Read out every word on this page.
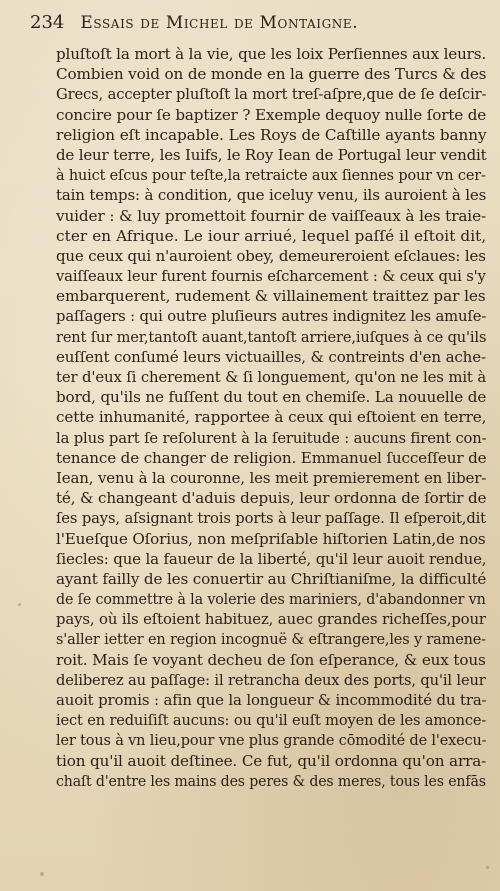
234 Essais de Michel de Montaigne.
pluſtoſt la mort à la vie, que les loix Perſiennes aux leurs.
Combien void on de monde en la guerre des Turcs & des
Grecs, accepter pluſtoſt la mort treſ-aſpre,que de ſe deſcir-
concire pour ſe baptizer ? Exemple dequoy nulle ſorte de
religion eſt incapable. Les Roys de Caſtille ayants banny
de leur terre, les Iuifs, le Roy Iean de Portugal leur vendit
à huict eſcus pour teſte,la retraicte aux ſiennes pour vn cer-
tain temps: à condition, que iceluy venu, ils auroient à les
vuider : & luy promettoit fournir de vaiſſeaux à les traie-
cter en Afrique. Le iour arriué, lequel paſſé il eſtoit dit,
que ceux qui n'auroient obey, demeureroient eſclaues: les
vaiſſeaux leur furent fournis eſcharcement : & ceux qui s'y
embarquerent, rudement & villainement traittez par les
paſſagers : qui outre pluſieurs autres indignitez les amuſe-
rent ſur mer,tantoſt auant,tantoſt arriere,iuſques à ce qu'ils
euſſent conſumé leurs victuailles, & contreints d'en ache-
ter d'eux ſi cherement & ſi longuement, qu'on ne les mit à
bord, qu'ils ne fuſſent du tout en chemiſe. La nouuelle de
cette inhumanité, rapportee à ceux qui eſtoient en terre,
la plus part ſe reſolurent à la ſeruitude : aucuns firent con-
tenance de changer de religion. Emmanuel ſucceſſeur de
Iean, venu à la couronne, les meit premierement en liber-
té, & changeant d'aduis depuis, leur ordonna de ſortir de
ſes pays, aſsignant trois ports à leur paſſage. Il eſperoit,dit
l'Eueſque Oſorius, non meſpriſable hiſtorien Latin,de nos
ſiecles: que la faueur de la liberté, qu'il leur auoit rendue,
ayant failly de les conuertir au Chriſtianiſme, la difficulté
de ſe commettre à la volerie des mariniers, d'abandonner vn
pays, où ils eſtoient habituez, auec grandes richeſſes,pour
s'aller ietter en region incognuë & eſtrangere,les y ramene-
roit. Mais ſe voyant decheu de ſon eſperance, & eux tous
deliberez au paſſage: il retrancha deux des ports, qu'il leur
auoit promis : afin que la longueur & incommodité du tra-
iect en reduiſiſt aucuns: ou qu'il euſt moyen de les amonce-
ler tous à vn lieu,pour vne plus grande cōmodité de l'execu-
tion qu'il auoit deſtinee. Ce fut, qu'il ordonna qu'on arra-
chaſt d'entre les mains des peres & des meres, tous les enfās
